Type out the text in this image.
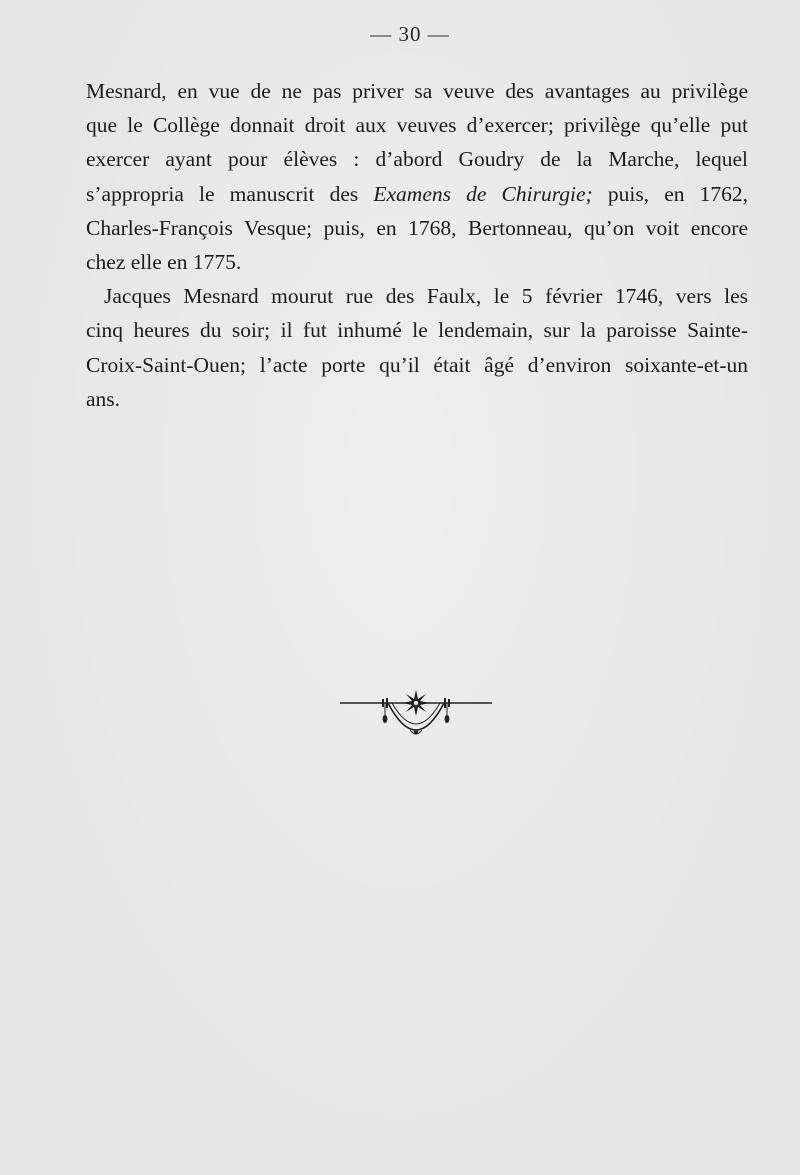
— 30 —

Mesnard, en vue de ne pas priver sa veuve des avantages au privilège
que le Collège donnait droit aux veuves d’exercer; privilège qu’elle put
exercer ayant pour élèves : d’abord Goudry de la Marche, lequel
s’appropria le manuscrit des Examens de Chirurgie; puis, en 1762,
Charles-François Vesque; puis, en 1768, Bertonneau, qu’on voit encore
chez elle en 1775.

Jacques Mesnard mourut rue des Faulx, le 5 février 1746, vers les
cinq heures du soir; il fut inhumé le lendemain, sur la paroisse Sainte-
Croix-Saint-Ouen; l’acte porte qu’il était âgé d’environ soixante-et-un
ans.
